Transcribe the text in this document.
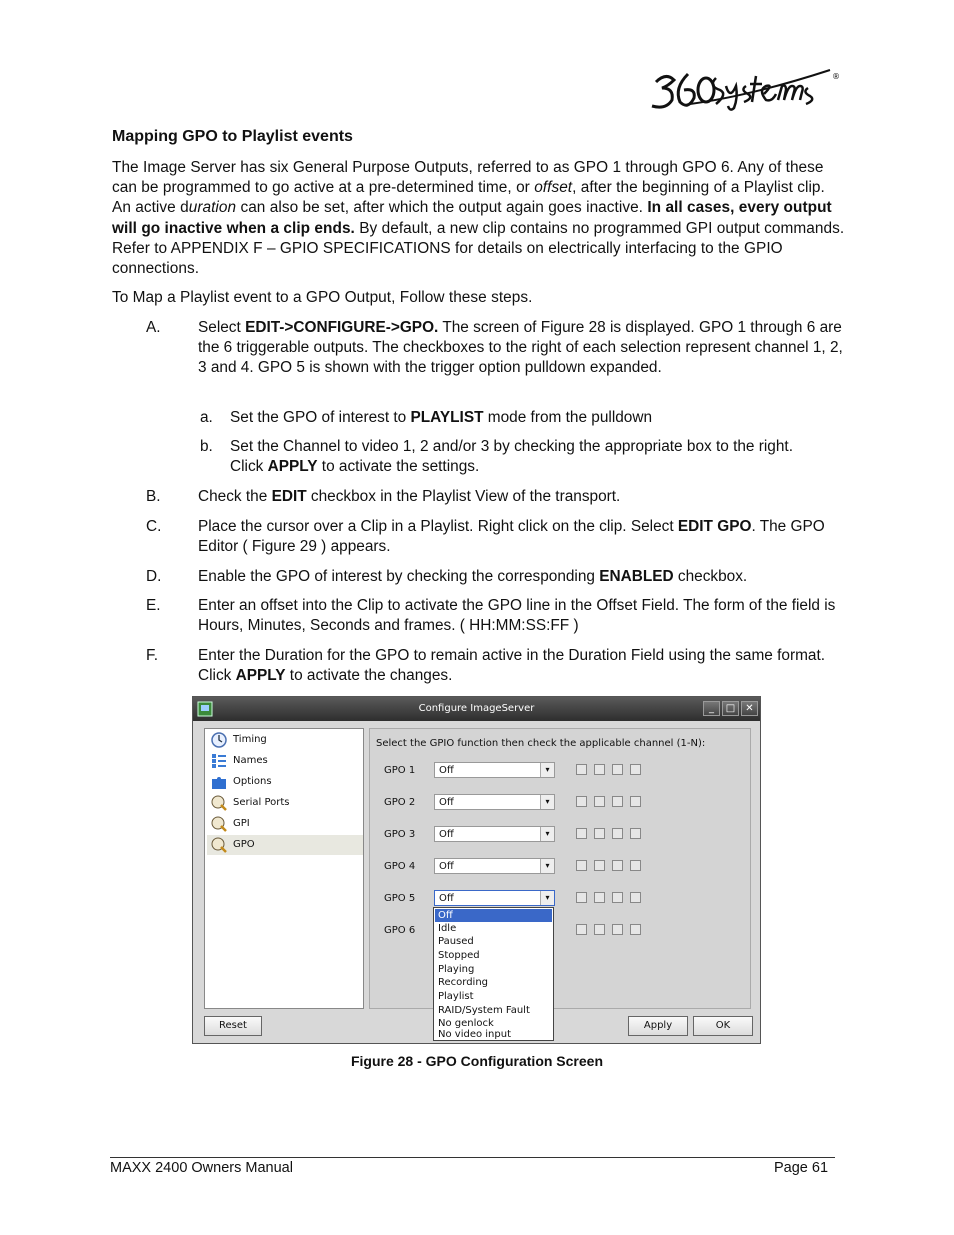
®
Mapping GPO to Playlist events

The Image Server has six General Purpose Outputs, referred to as GPO 1 through GPO 6. Any of these can be programmed to go active at a pre-determined time, or offset, after the beginning of a Playlist clip. An active duration can also be set, after which the output again goes inactive. In all cases, every output will go inactive when a clip ends. By default, a new clip contains no programmed GPI output commands. Refer to APPENDIX F – GPIO SPECIFICATIONS for details on electrically interfacing to the GPIO connections.

To Map a Playlist event to a GPO Output, Follow these steps.

A. Select EDIT->CONFIGURE->GPO. The screen of Figure 28 is displayed. GPO 1 through 6 are the 6 triggerable outputs. The checkboxes to the right of each selection represent channel 1, 2, 3 and 4. GPO 5 is shown with the trigger option pulldown expanded.
a. Set the GPO of interest to PLAYLIST mode from the pulldown
b. Set the Channel to video 1, 2 and/or 3 by checking the appropriate box to the right. Click APPLY to activate the settings.
B. Check the EDIT checkbox in the Playlist View of the transport.
C. Place the cursor over a Clip in a Playlist. Right click on the clip. Select EDIT GPO. The GPO Editor ( Figure 29 ) appears.
D. Enable the GPO of interest by checking the corresponding ENABLED checkbox.
E. Enter an offset into the Clip to activate the GPO line in the Offset Field. The form of the field is Hours, Minutes, Seconds and frames. ( HH:MM:SS:FF )
F.	Enter the Duration for the GPO to remain active in the Duration Field using the same format. Click APPLY to activate the changes.
Configure ImageServer	_	□	✕
Timing
Names
Options
Serial Ports
GPI
GPO
Select the GPIO function then check the applicable channel (1-N):
GPO 1 Off	▾
GPO 2 Off	▾
GPO 3 Off	▾
GPO 4 Off	▾
GPO 5 Off	▾
GPO 6
Off
Idle
Paused
Stopped
Playing
Recording
Playlist
RAID/System Fault
No genlock
No video input
Reset	Apply	OK
Figure 28 - GPO Configuration Screen
MAXX 2400 Owners Manual	Page 61
